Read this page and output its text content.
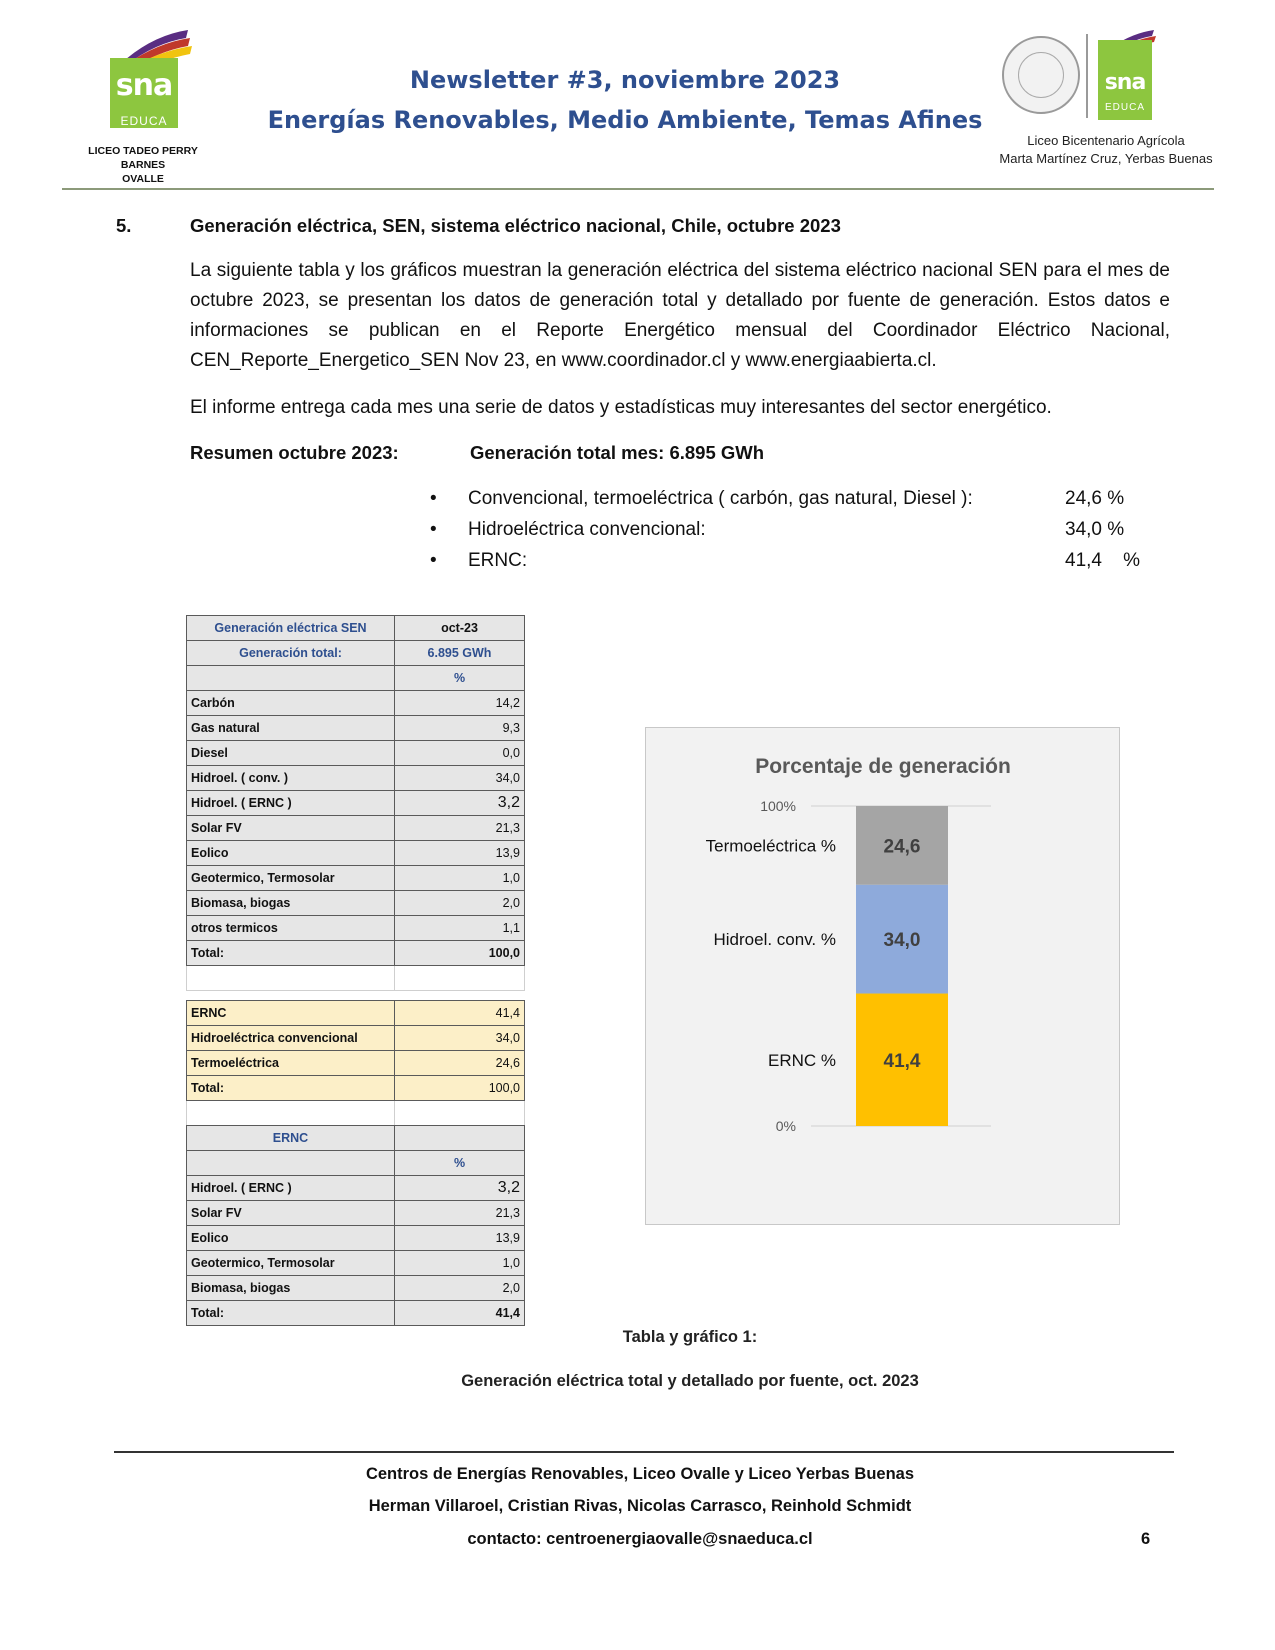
sna
EDUCA
LICEO TADEO PERRY BARNES
OVALLE
Newsletter #3, noviembre 2023
Energías Renovables, Medio Ambiente, Temas Afines
sna
EDUCA
Liceo Bicentenario Agrícola
Marta Martínez Cruz, Yerbas Buenas
5.	Generación eléctrica, SEN, sistema eléctrico nacional, Chile, octubre 2023
La siguiente tabla y los gráficos muestran la generación eléctrica del sistema eléctrico nacional SEN para el mes de octubre 2023, se presentan los datos de generación total y detallado por fuente de generación. Estos datos e informaciones se publican en el Reporte Energético mensual del Coordinador Eléctrico Nacional, CEN_Reporte_Energetico_SEN Nov 23, en www.coordinador.cl y www.energiaabierta.cl.
El informe entrega cada mes una serie de datos y estadísticas muy interesantes del sector energético.
Resumen octubre 2023:	Generación total mes: 6.895 GWh
• Convencional, termoeléctrica ( carbón, gas natural, Diesel ):	24,6 %
• Hidroeléctrica convencional:	34,0 %
• ERNC:	41,4    %
Generación eléctrica SEN	oct-23
Generación total:	6.895 GWh
	%
Carbón	14,2
Gas natural	9,3
Diesel	0,0
Hidroel. ( conv. )	34,0
Hidroel. ( ERNC )	3,2
Solar FV	21,3
Eolico	13,9
Geotermico, Termosolar	1,0
Biomasa, biogas	2,0
otros termicos	1,1
Total:	100,0

ERNC	41,4
Hidroeléctrica convencional	34,0
Termoeléctrica	24,6
Total:	100,0

ERNC	
	%
Hidroel. ( ERNC )	3,2
Solar FV	21,3
Eolico	13,9
Geotermico, Termosolar	1,0
Biomasa, biogas	2,0
Total:	41,4
Porcentaje de generación
0%
100%
41,4
ERNC %
34,0
Hidroel. conv. %
24,6
Termoeléctrica %
Tabla y gráfico 1:
Generación eléctrica total y detallado por fuente, oct. 2023
Centros de Energías Renovables, Liceo Ovalle y Liceo Yerbas Buenas
Herman Villaroel, Cristian Rivas, Nicolas Carrasco, Reinhold Schmidt
contacto: centroenergiaovalle@snaeduca.cl	6
